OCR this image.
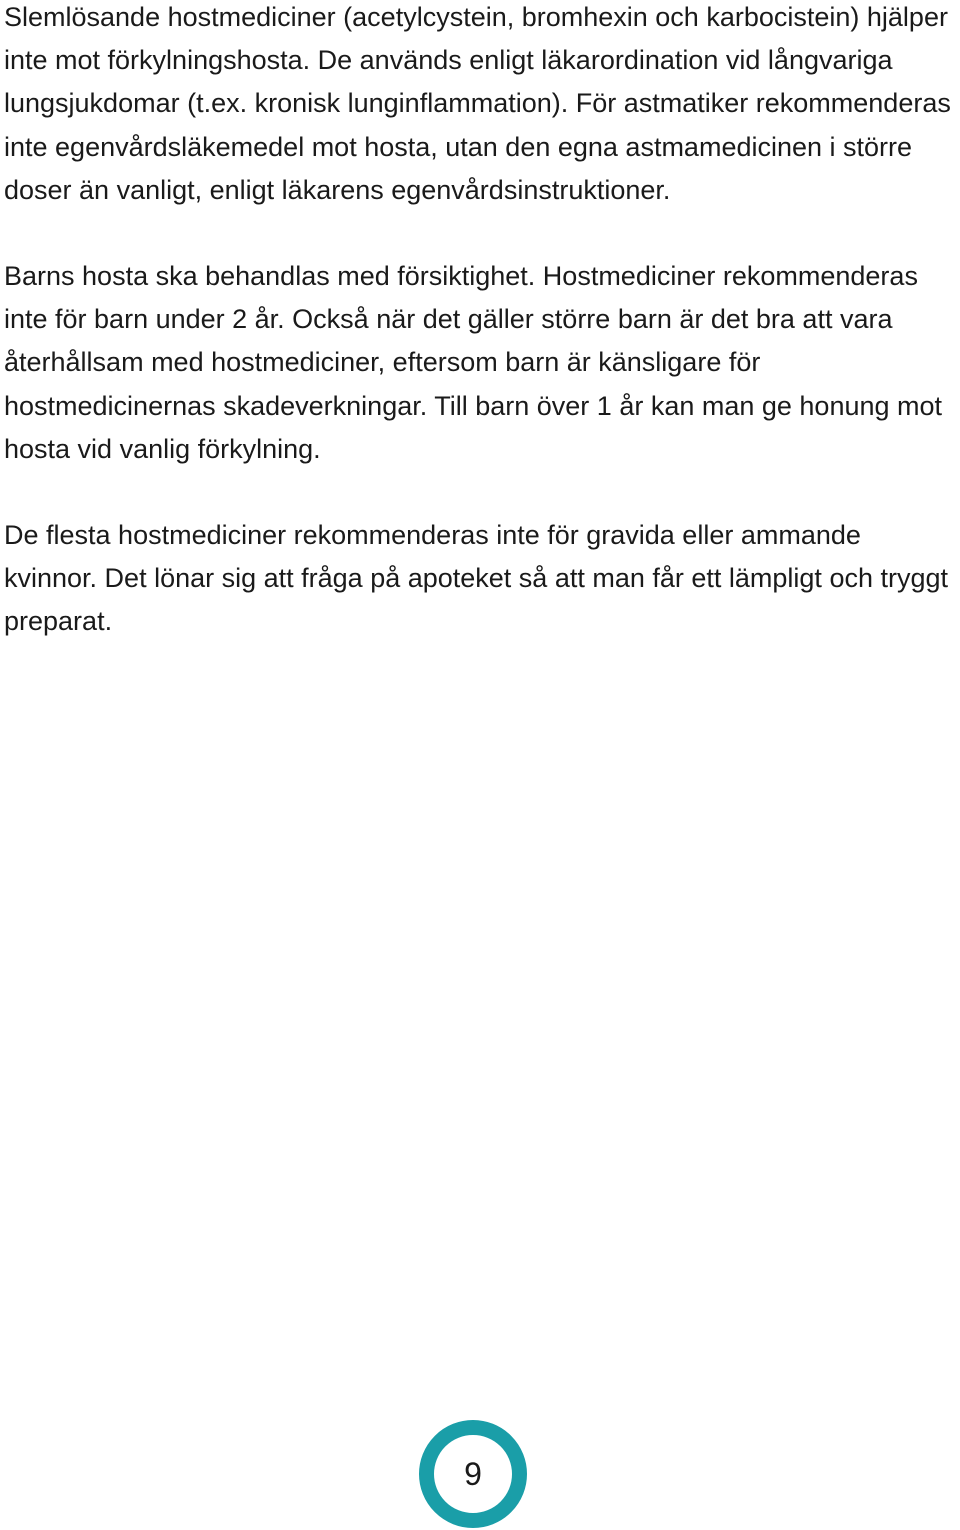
Slemlösande hostmediciner (acetylcystein, bromhexin och karbocistein) hjälper inte mot förkylningshosta. De används enligt läkarordination vid långvariga lungsjukdomar (t.ex. kronisk lunginflammation). För astmatiker rekommenderas inte egenvårdsläkemedel mot hosta, utan den egna astmamedicinen i större doser än vanligt, enligt läkarens egenvårdsinstruktioner.

Barns hosta ska behandlas med försiktighet. Hostmediciner rekommenderas inte för barn under 2 år. Också när det gäller större barn är det bra att vara återhållsam med hostmediciner, eftersom barn är känsligare för hostmedicinernas skadeverkningar. Till barn över 1 år kan man ge honung mot hosta vid vanlig förkylning.

De flesta hostmediciner rekommenderas inte för gravida eller ammande kvinnor. Det lönar sig att fråga på apoteket så att man får ett lämpligt och tryggt preparat.

9
